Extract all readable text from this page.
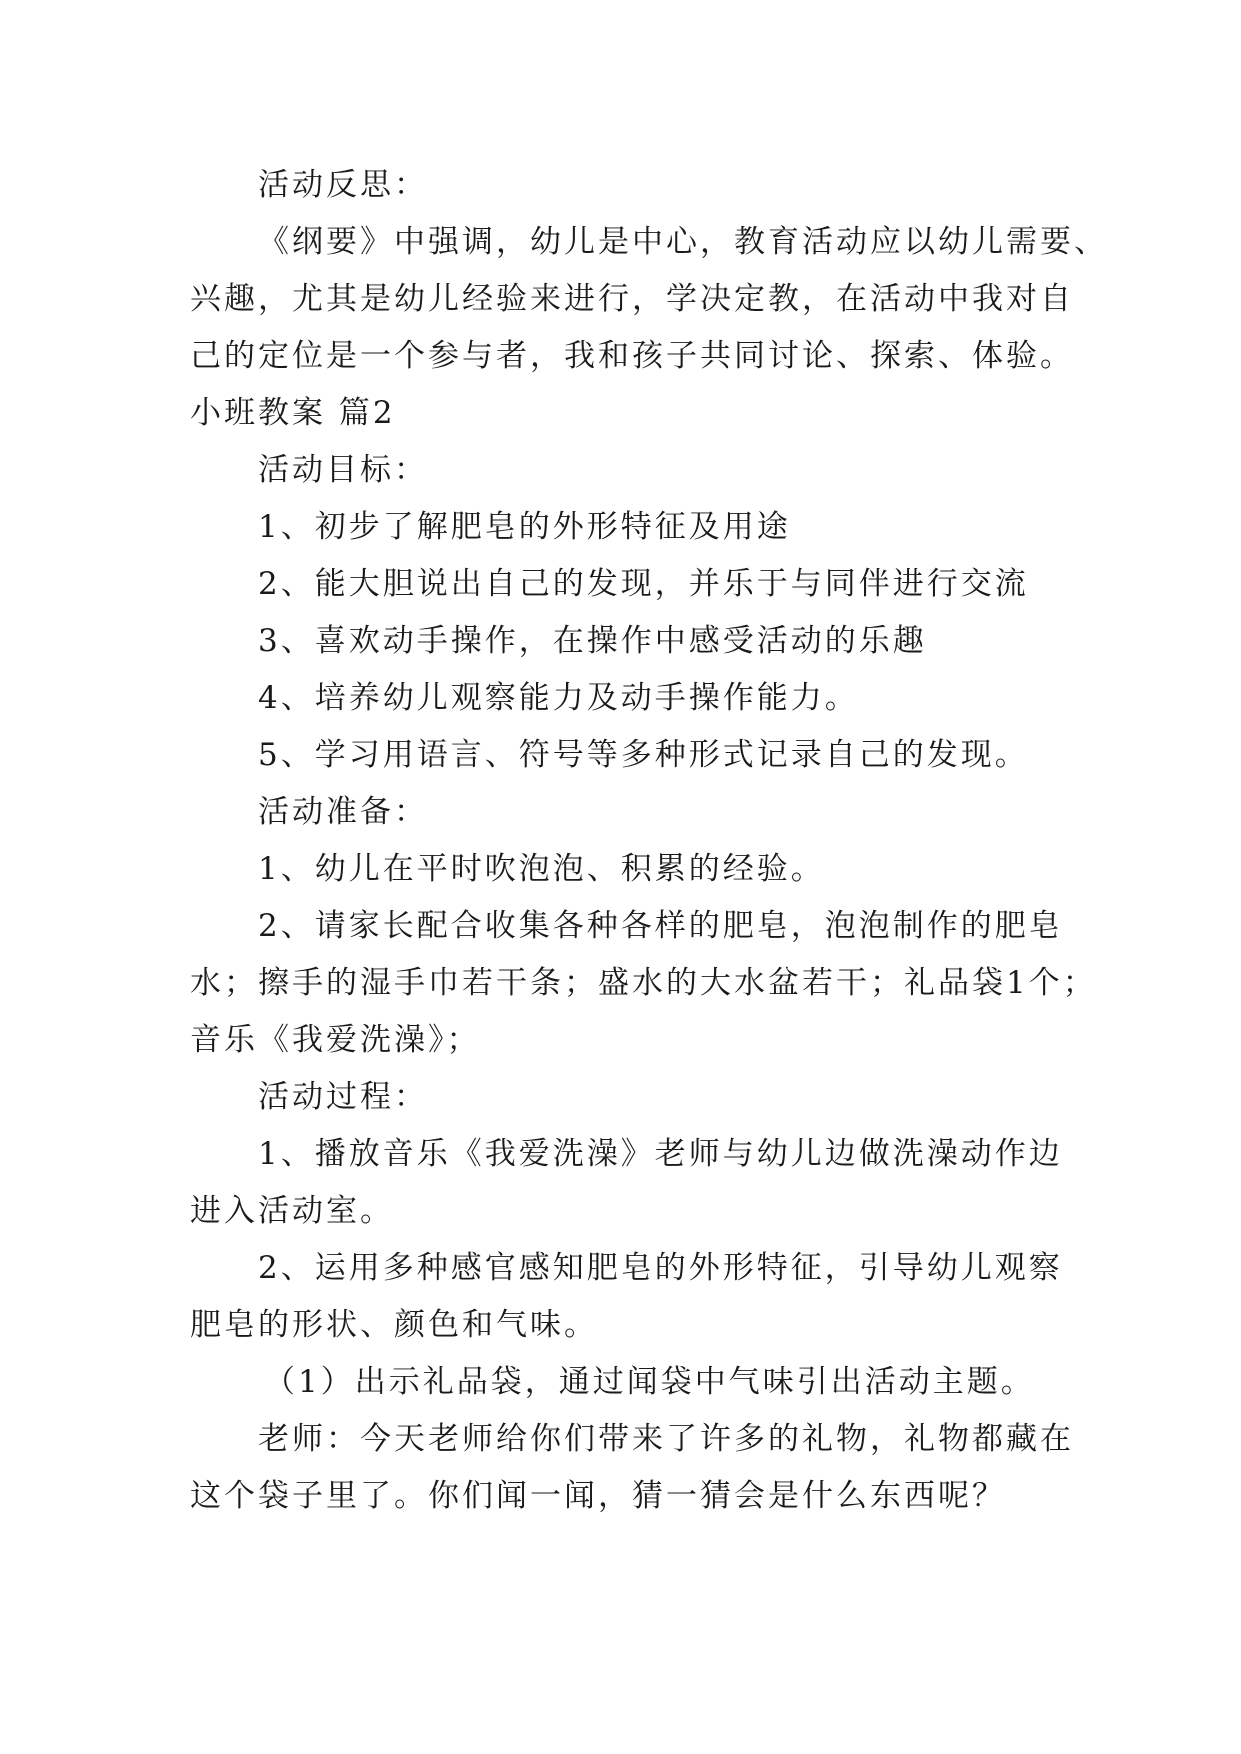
活动反思：
《纲要》中强调，幼儿是中心，教育活动应以幼儿需要、
兴趣，尤其是幼儿经验来进行，学决定教，在活动中我对自
己的定位是一个参与者，我和孩子共同讨论、探索、体验。
小班教案 篇2
活动目标：
1、初步了解肥皂的外形特征及用途
2、能大胆说出自己的发现，并乐于与同伴进行交流
3、喜欢动手操作，在操作中感受活动的乐趣
4、培养幼儿观察能力及动手操作能力。
5、学习用语言、符号等多种形式记录自己的发现。
活动准备：
1、幼儿在平时吹泡泡、积累的经验。
2、请家长配合收集各种各样的肥皂，泡泡制作的肥皂
水；擦手的湿手巾若干条；盛水的大水盆若干；礼品袋1个；
音乐《我爱洗澡》；
活动过程：
1、播放音乐《我爱洗澡》老师与幼儿边做洗澡动作边
进入活动室。
2、运用多种感官感知肥皂的外形特征，引导幼儿观察
肥皂的形状、颜色和气味。
（1）出示礼品袋，通过闻袋中气味引出活动主题。
老师：今天老师给你们带来了许多的礼物，礼物都藏在
这个袋子里了。你们闻一闻，猜一猜会是什么东西呢？
